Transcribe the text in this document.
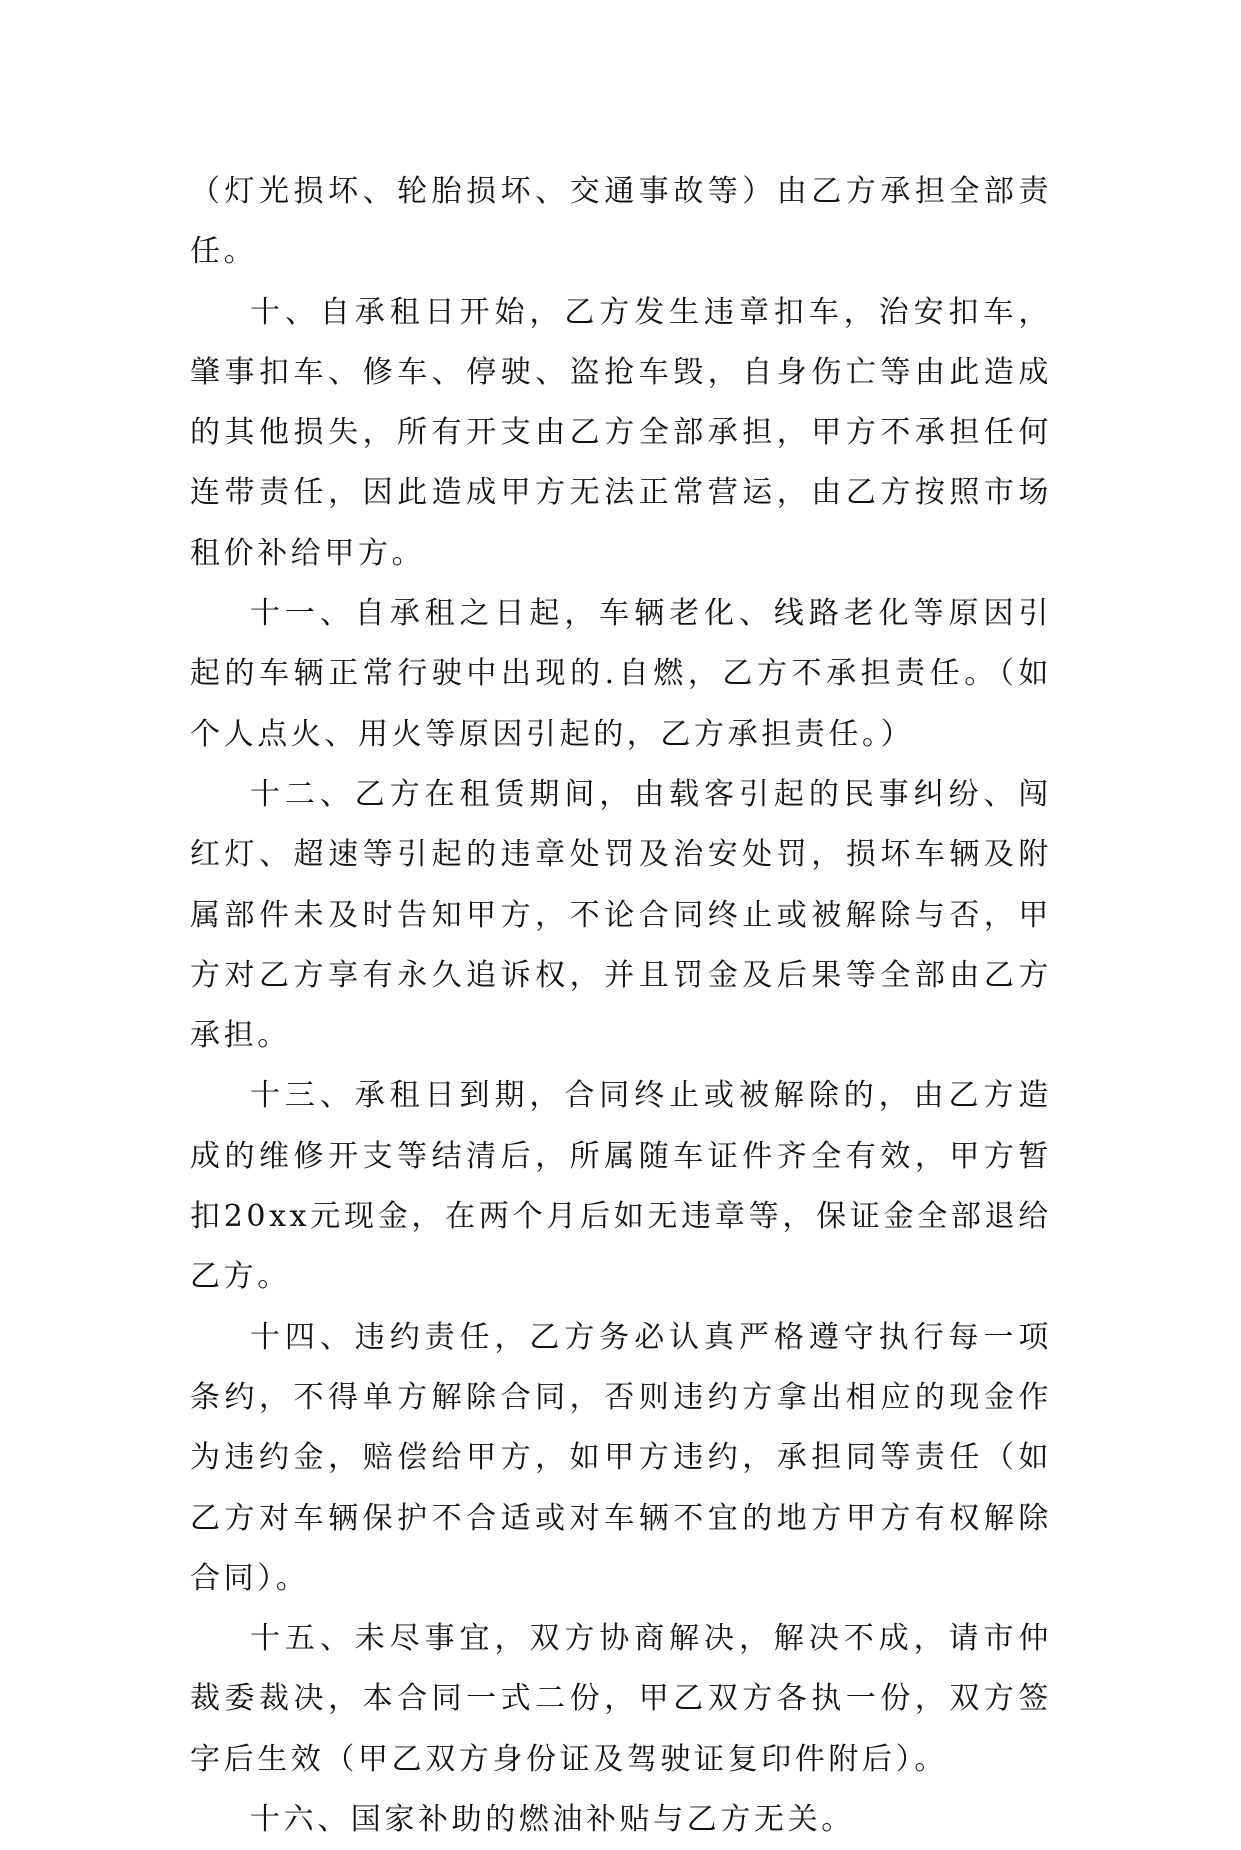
（灯光损坏、轮胎损坏、交通事故等）由乙方承担全部责任。

十、自承租日开始，乙方发生违章扣车，治安扣车，肇事扣车、修车、停驶、盗抢车毁，自身伤亡等由此造成的其他损失，所有开支由乙方全部承担，甲方不承担任何连带责任，因此造成甲方无法正常营运，由乙方按照市场租价补给甲方。

十一、自承租之日起，车辆老化、线路老化等原因引起的车辆正常行驶中出现的.自燃，乙方不承担责任。（如个人点火、用火等原因引起的，乙方承担责任。）

十二、乙方在租赁期间，由载客引起的民事纠纷、闯红灯、超速等引起的违章处罚及治安处罚，损坏车辆及附属部件未及时告知甲方，不论合同终止或被解除与否，甲方对乙方享有永久追诉权，并且罚金及后果等全部由乙方承担。

十三、承租日到期，合同终止或被解除的，由乙方造成的维修开支等结清后，所属随车证件齐全有效，甲方暂扣20xx元现金，在两个月后如无违章等，保证金全部退给乙方。

十四、违约责任，乙方务必认真严格遵守执行每一项条约，不得单方解除合同，否则违约方拿出相应的现金作为违约金，赔偿给甲方，如甲方违约，承担同等责任（如乙方对车辆保护不合适或对车辆不宜的地方甲方有权解除合同）。

十五、未尽事宜，双方协商解决，解决不成，请市仲裁委裁决，本合同一式二份，甲乙双方各执一份，双方签字后生效（甲乙双方身份证及驾驶证复印件附后）。

十六、国家补助的燃油补贴与乙方无关。
